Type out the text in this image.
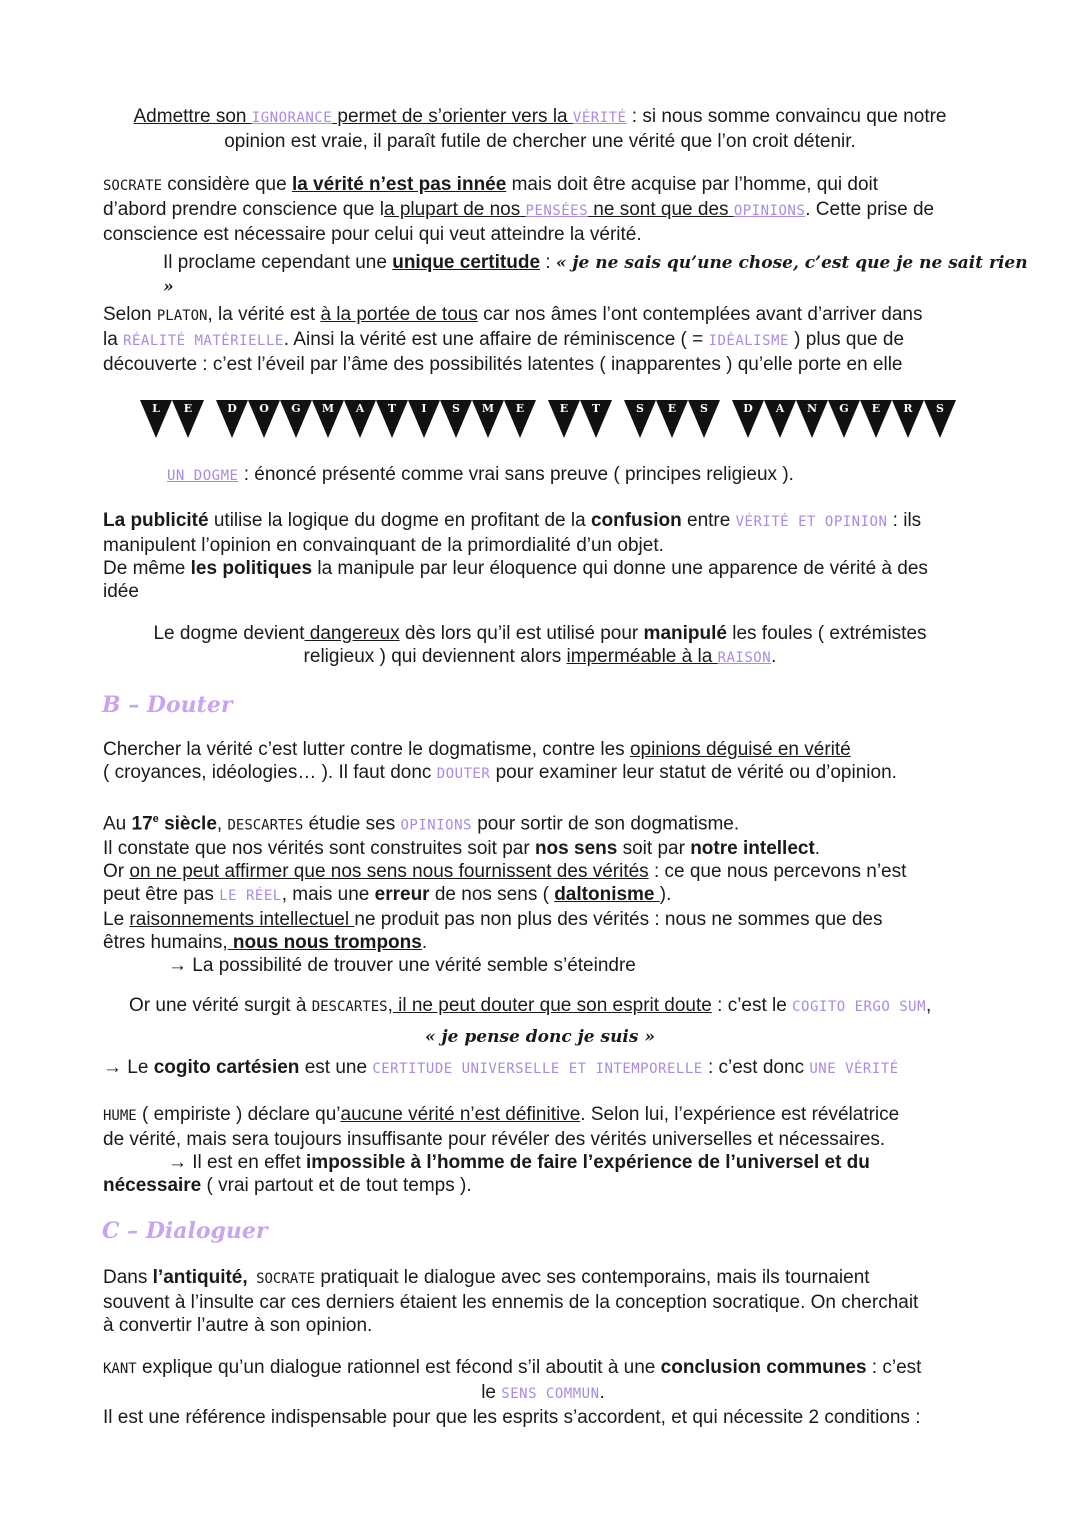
Admettre son IGNORANCE permet de s’orienter vers la VÉRITÉ : si nous somme convaincu que notre
opinion est vraie, il paraît futile de chercher une vérité que l’on croit détenir.
SOCRATE considère que la vérité n’est pas innée mais doit être acquise par l’homme, qui doit
d’abord prendre conscience que la plupart de nos PENSÉES ne sont que des OPINIONS. Cette prise de
conscience est nécessaire pour celui qui veut atteindre la vérité.
Il proclame cependant une unique certitude : « je ne sais qu’une chose, c’est que je ne sait rien »
Selon PLATON, la vérité est à la portée de tous car nos âmes l’ont contemplées avant d’arriver dans
la RÉALITÉ MATÉRIELLE. Ainsi la vérité est une affaire de réminiscence ( = IDÉALISME ) plus que de
découverte : c’est l’éveil par l’âme des possibilités latentes ( inapparentes ) qu’elle porte en elle
L E	D O G M A T	I	S M E	E T	S E S	D A N G E R S
UN DOGME : énoncé présenté comme vrai sans preuve ( principes religieux ).
La publicité utilise la logique du dogme en profitant de la confusion entre VÉRITÉ ET OPINION : ils
manipulent l’opinion en convainquant de la primordialité d’un objet.
De même les politiques la manipule par leur éloquence qui donne une apparence de vérité à des
idée
Le dogme devient dangereux dès lors qu’il est utilisé pour manipulé les foules ( extrémistes
religieux ) qui deviennent alors imperméable à la RAISON.
B – Douter
Chercher la vérité c’est lutter contre le dogmatisme, contre les opinions déguisé en vérité
( croyances, idéologies… ). Il faut donc DOUTER pour examiner leur statut de vérité ou d’opinion.
Au 17e siècle, DESCARTES étudie ses OPINIONS pour sortir de son dogmatisme.
Il constate que nos vérités sont construites soit par nos sens soit par notre intellect.
Or on ne peut affirmer que nos sens nous fournissent des vérités : ce que nous percevons n’est
peut être pas LE RÉEL, mais une erreur de nos sens ( daltonisme ).
Le raisonnements intellectuel ne produit pas non plus des vérités : nous ne sommes que des
êtres humains, nous nous trompons.
→ La possibilité de trouver une vérité semble s’éteindre
Or une vérité surgit à DESCARTES, il ne peut douter que son esprit doute : c’est le COGITO ERGO SUM,
« je pense donc je suis »
→ Le cogito cartésien est une CERTITUDE UNIVERSELLE ET INTEMPORELLE : c’est donc UNE VÉRITÉ
HUME ( empiriste ) déclare qu’aucune vérité n’est définitive. Selon lui, l’expérience est révélatrice
de vérité, mais sera toujours insuffisante pour révéler des vérités universelles et nécessaires.
→ Il est en effet impossible à l’homme de faire l’expérience de l’universel et du
nécessaire ( vrai partout et de tout temps ).
C – Dialoguer
Dans l’antiquité, SOCRATE pratiquait le dialogue avec ses contemporains, mais ils tournaient
souvent à l’insulte car ces derniers étaient les ennemis de la conception socratique. On cherchait
à convertir l’autre à son opinion.
KANT explique qu’un dialogue rationnel est fécond s’il aboutit à une conclusion communes : c’est

le SENS COMMUN.
Il est une référence indispensable pour que les esprits s’accordent, et qui nécessite 2 conditions :
